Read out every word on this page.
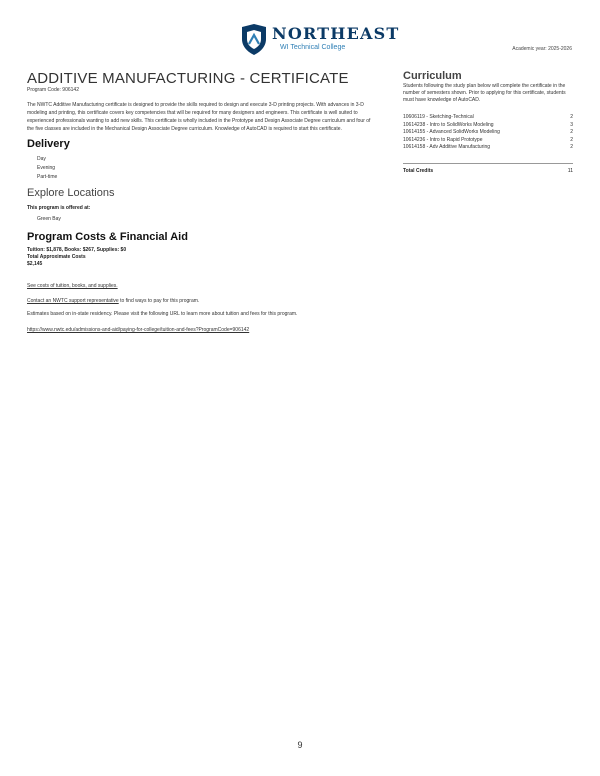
NORTHEAST
WI Technical College	Academic year: 2025-2026
ADDITIVE MANUFACTURING - CERTIFICATE
Program Code: 906142
The NWTC Additive Manufacturing certificate is designed to provide the skills required to design and execute 3-D printing projects. With advances in 3-D modeling and printing, this certificate covers key competencies that will be required for many designers and engineers. This certificate is well suited to experienced professionals wanting to add new skills. This certificate is wholly included in the Prototype and Design Associate Degree curriculum and four of the five classes are included in the Mechanical Design Associate Degree curriculum. Knowledge of AutoCAD is required to start this certificate.
Delivery
Day
Evening
Part-time
Explore Locations
This program is offered at:
Green Bay
Program Costs & Financial Aid
Tuition: $1,878, Books: $267, Supplies: $0
Total Approximate Costs
$2,145
See costs of tuition, books, and supplies.
Contact an NWTC support representative to find ways to pay for this program.
Estimates based on in-state residency. Please visit the following URL to learn more about tuition and fees for this program.
https://www.nwtc.edu/admissions-and-aid/paying-for-college/tuition-and-fees?ProgramCode=906142
Curriculum
Students following the study plan below will complete the certificate in the number of semesters shown. Prior to applying for this certificate, students must have knowledge of AutoCAD.
10606119 - Sketching-Technical	2
10614238 - Intro to SolidWorks Modeling	3
10614155 - Advanced SolidWorks Modeling	2
10614236 - Intro to Rapid Prototype	2
10614158 - Adv Additive Manufacturing	2
Total Credits	11
9
